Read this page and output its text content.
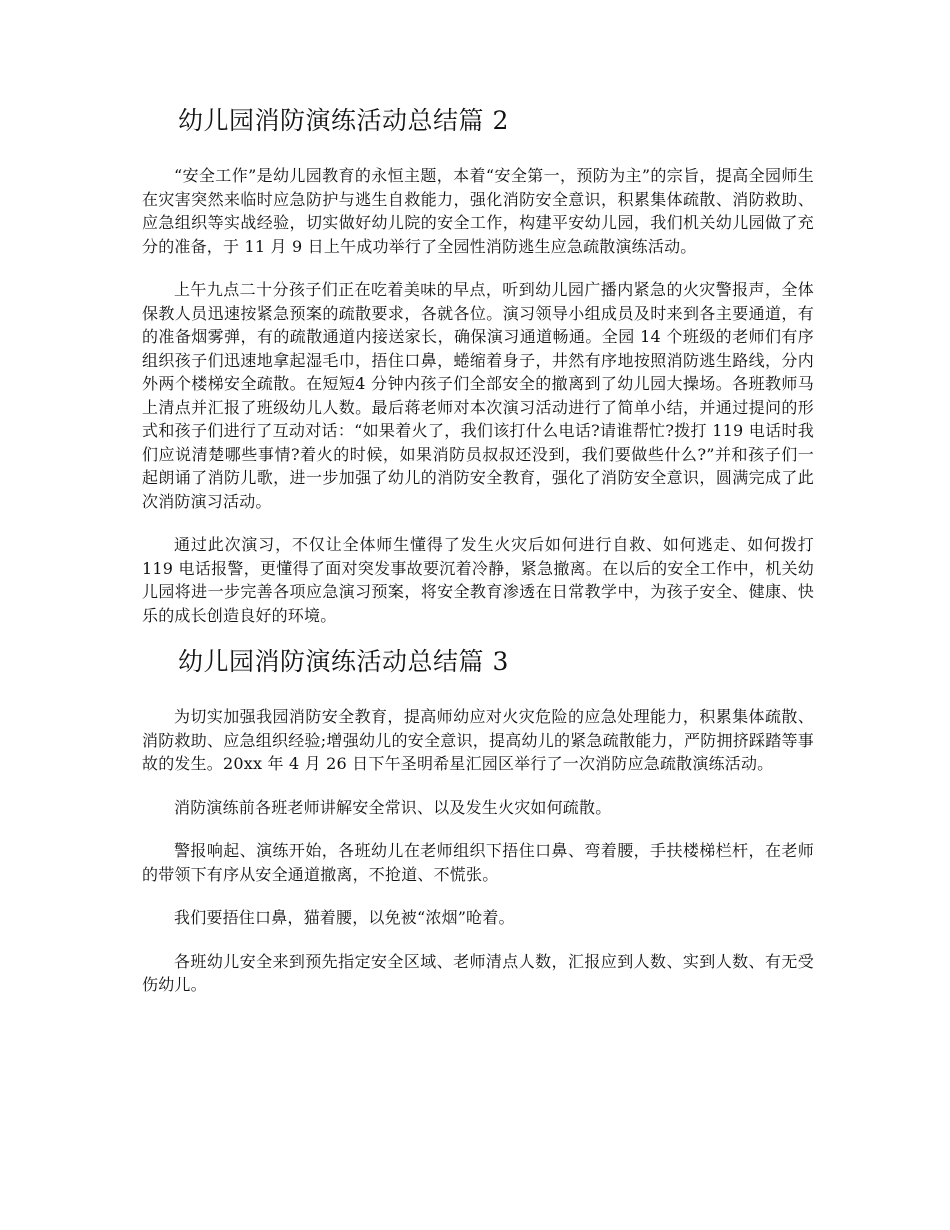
幼儿园消防演练活动总结篇 2

“安全工作”是幼儿园教育的永恒主题，本着“安全第一，预防为主”的宗旨，提高全园师生在灾害突然来临时应急防护与逃生自救能力，强化消防安全意识，积累集体疏散、消防救助、应急组织等实战经验，切实做好幼儿院的安全工作，构建平安幼儿园，我们机关幼儿园做了充分的准备，于 11 月 9 日上午成功举行了全园性消防逃生应急疏散演练活动。

上午九点二十分孩子们正在吃着美味的早点，听到幼儿园广播内紧急的火灾警报声，全体保教人员迅速按紧急预案的疏散要求，各就各位。演习领导小组成员及时来到各主要通道，有的准备烟雾弹，有的疏散通道内接送家长，确保演习通道畅通。全园 14 个班级的老师们有序组织孩子们迅速地拿起湿毛巾，捂住口鼻，蜷缩着身子，井然有序地按照消防逃生路线，分内外两个楼梯安全疏散。在短短4 分钟内孩子们全部安全的撤离到了幼儿园大操场。各班教师马上清点并汇报了班级幼儿人数。最后蒋老师对本次演习活动进行了简单小结，并通过提问的形式和孩子们进行了互动对话：“如果着火了，我们该打什么电话?请谁帮忙?拨打 119 电话时我们应说清楚哪些事情?着火的时候，如果消防员叔叔还没到，我们要做些什么?”并和孩子们一起朗诵了消防儿歌，进一步加强了幼儿的消防安全教育，强化了消防安全意识，圆满完成了此次消防演习活动。

通过此次演习，不仅让全体师生懂得了发生火灾后如何进行自救、如何逃走、如何拨打 119 电话报警，更懂得了面对突发事故要沉着冷静，紧急撤离。在以后的安全工作中，机关幼儿园将进一步完善各项应急演习预案，将安全教育渗透在日常教学中，为孩子安全、健康、快乐的成长创造良好的环境。

幼儿园消防演练活动总结篇 3

为切实加强我园消防安全教育，提高师幼应对火灾危险的应急处理能力，积累集体疏散、消防救助、应急组织经验;增强幼儿的安全意识，提高幼儿的紧急疏散能力，严防拥挤踩踏等事故的发生。20xx 年 4 月 26 日下午圣明希星汇园区举行了一次消防应急疏散演练活动。

消防演练前各班老师讲解安全常识、以及发生火灾如何疏散。

警报响起、演练开始，各班幼儿在老师组织下捂住口鼻、弯着腰，手扶楼梯栏杆，在老师的带领下有序从安全通道撤离，不抢道、不慌张。

我们要捂住口鼻，猫着腰，以免被“浓烟”呛着。

各班幼儿安全来到预先指定安全区域、老师清点人数，汇报应到人数、实到人数、有无受伤幼儿。
